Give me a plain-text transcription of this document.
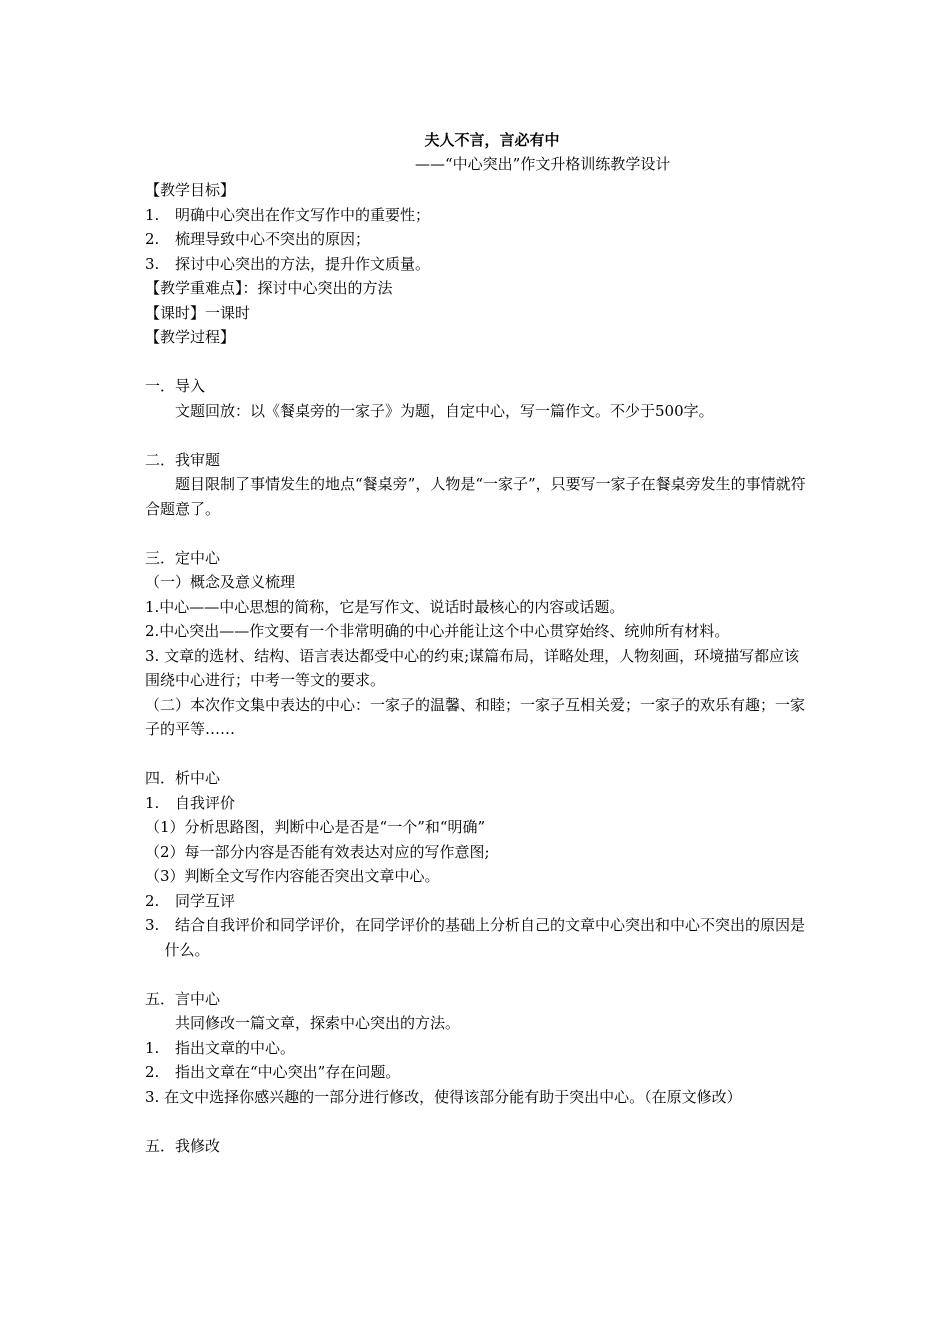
夫人不言，言必有中
——“中心突出”作文升格训练教学设计
【教学目标】
1. 明确中心突出在作文写作中的重要性；
2. 梳理导致中心不突出的原因；
3. 探讨中心突出的方法，提升作文质量。
【教学重难点】：探讨中心突出的方法
【课时】一课时
【教学过程】
一．导入
文题回放：以《餐桌旁的一家子》为题，自定中心，写一篇作文。不少于500字。
二．我审题
题目限制了事情发生的地点“餐桌旁”，人物是“一家子”，只要写一家子在餐桌旁发生的事情就符合题意了。
三．定中心
（一）概念及意义梳理
1.中心——中心思想的简称，它是写作文、说话时最核心的内容或话题。
2.中心突出——作文要有一个非常明确的中心并能让这个中心贯穿始终、统帅所有材料。
3. 文章的选材、结构、语言表达都受中心的约束;谋篇布局，详略处理，人物刻画，环境描写都应该围绕中心进行；中考一等文的要求。
（二）本次作文集中表达的中心：一家子的温馨、和睦；一家子互相关爱；一家子的欢乐有趣；一家子的平等……
四．析中心
1. 自我评价
（1）分析思路图，判断中心是否是“一个”和“明确”
（2）每一部分内容是否能有效表达对应的写作意图;
（3）判断全文写作内容能否突出文章中心。
2. 同学互评
3. 结合自我评价和同学评价，在同学评价的基础上分析自己的文章中心突出和中心不突出的原因是什么。
五．言中心
共同修改一篇文章，探索中心突出的方法。
1. 指出文章的中心。
2. 指出文章在“中心突出”存在问题。
3. 在文中选择你感兴趣的一部分进行修改，使得该部分能有助于突出中心。（在原文修改）
五．我修改
